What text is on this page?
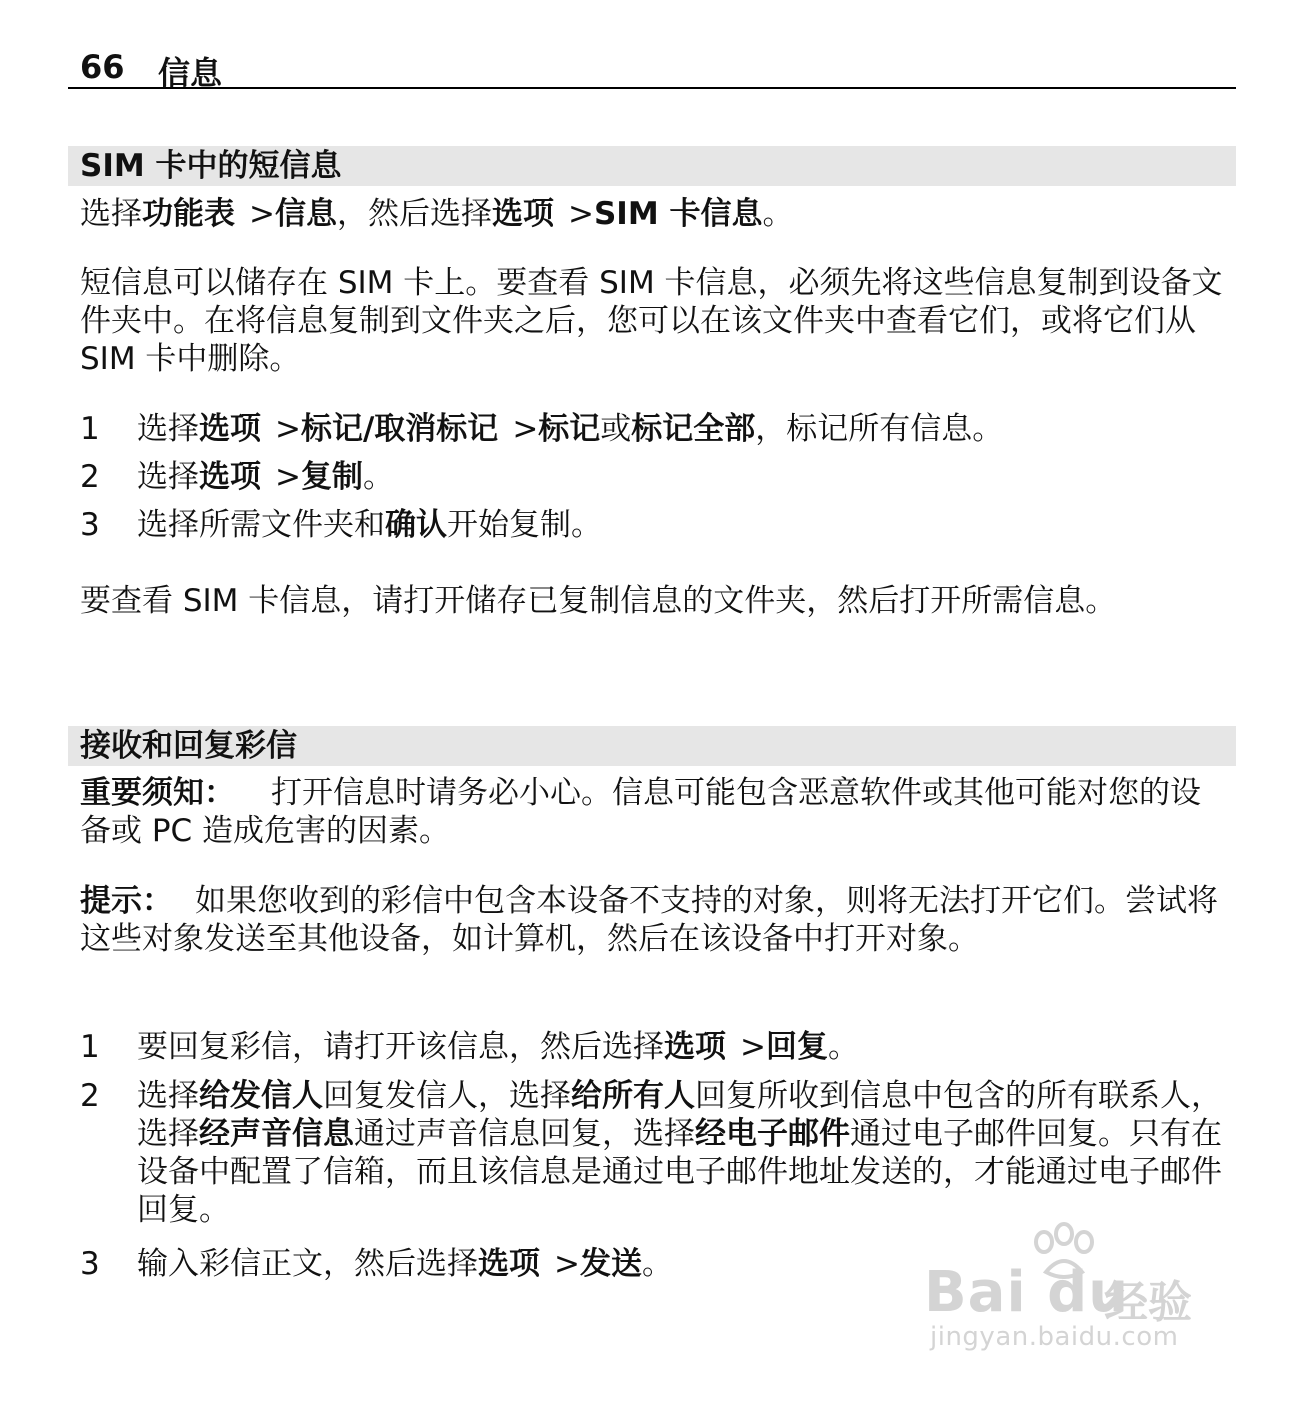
66 信息
SIM 卡中的短信息

选择功能表 >信息，然后选择选项 >SIM 卡信息。

短信息可以储存在 SIM 卡上。要查看 SIM 卡信息，必须先将这些信息复制到设备文件夹中。在将信息复制到文件夹之后，您可以在该文件夹中查看它们，或将它们从 SIM 卡中删除。

1	选择选项 >标记/取消标记 >标记或标记全部，标记所有信息。
2	选择选项 >复制。
3	选择所需文件夹和确认开始复制。

要查看 SIM 卡信息，请打开储存已复制信息的文件夹，然后打开所需信息。

接收和回复彩信

重要须知： 打开信息时请务必小心。信息可能包含恶意软件或其他可能对您的设备或 PC 造成危害的因素。

提示： 如果您收到的彩信中包含本设备不支持的对象，则将无法打开它们。尝试将这些对象发送至其他设备，如计算机，然后在该设备中打开对象。

1	要回复彩信，请打开该信息，然后选择选项 >回复。
2	选择给发信人回复发信人，选择给所有人回复所收到信息中包含的所有联系人，选择经声音信息通过声音信息回复，选择经电子邮件通过电子邮件回复。只有在设备中配置了信箱，而且该信息是通过电子邮件地址发送的，才能通过电子邮件回复。
3	输入彩信正文，然后选择选项 >发送。	Bai du
经验
jingyan.baidu.com
